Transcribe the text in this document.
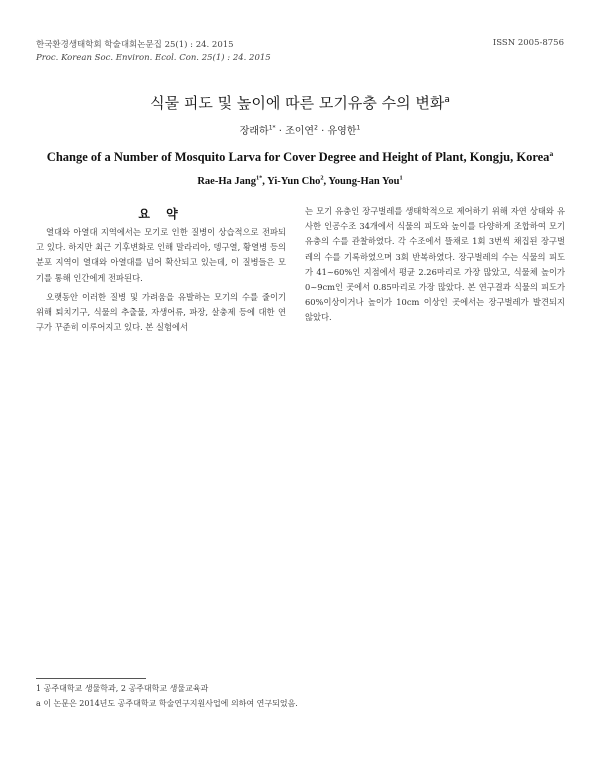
한국환경생태학회 학술대회논문집 25(1) : 24. 2015
Proc. Korean Soc. Environ. Ecol. Con. 25(1) : 24. 2015
ISSN 2005-8756
식물 피도 및 높이에 따른 모기유충 수의 변화$^a$
장래하$^{1*}$ · 조이연$^2$ · 유영한$^1$
Change of a Number of Mosquito Larva for Cover Degree and Height of Plant, Kongju, Korea$^a$
Rae-Ha Jang$^{1*}$, Yi-Yun Cho$^2$, Young-Han You$^1$
요 약

열대와 아열대 지역에서는 모기로 인한 질병이 상습적으로 전파되고 있다. 하지만 최근 기후변화로 인해 말라리아, 뎅구열, 황열병 등의 분포 지역이 열대와 아열대를 넘어 확산되고 있는데, 이 질병들은 모기를 통해 인간에게 전파된다.

오랫동안 이러한 질병 및 가려움을 유발하는 모기의 수를 줄이기 위해 퇴치기구, 식물의 추출물, 자생어류, 파장, 살충제 등에 대한 연구가 꾸준히 이루어지고 있다. 본 실험에서

는 모기 유충인 장구벌레를 생태학적으로 제어하기 위해 자연 상태와 유사한 인공수조 34개에서 식물의 피도와 높이를 다양하게 조합하여 모기 유충의 수를 관찰하였다. 각 수조에서 뜰채로 1회 3번씩 채집된 장구벌레의 수를 기록하였으며 3회 반복하였다. 장구벌레의 수는 식물의 피도가 41~60%인 지점에서 평균 2.26마리로 가장 많았고, 식물체 높이가 0~9cm인 곳에서 0.85마리로 가장 많았다. 본 연구결과 식물의 피도가 60%이상이거나 높이가 10cm 이상인 곳에서는 장구벌레가 발견되지 않았다.

1 공주대학교 생물학과, 2 공주대학교 생물교육과
a 이 논문은 2014년도 공주대학교 학술연구지원사업에 의하여 연구되었음.
